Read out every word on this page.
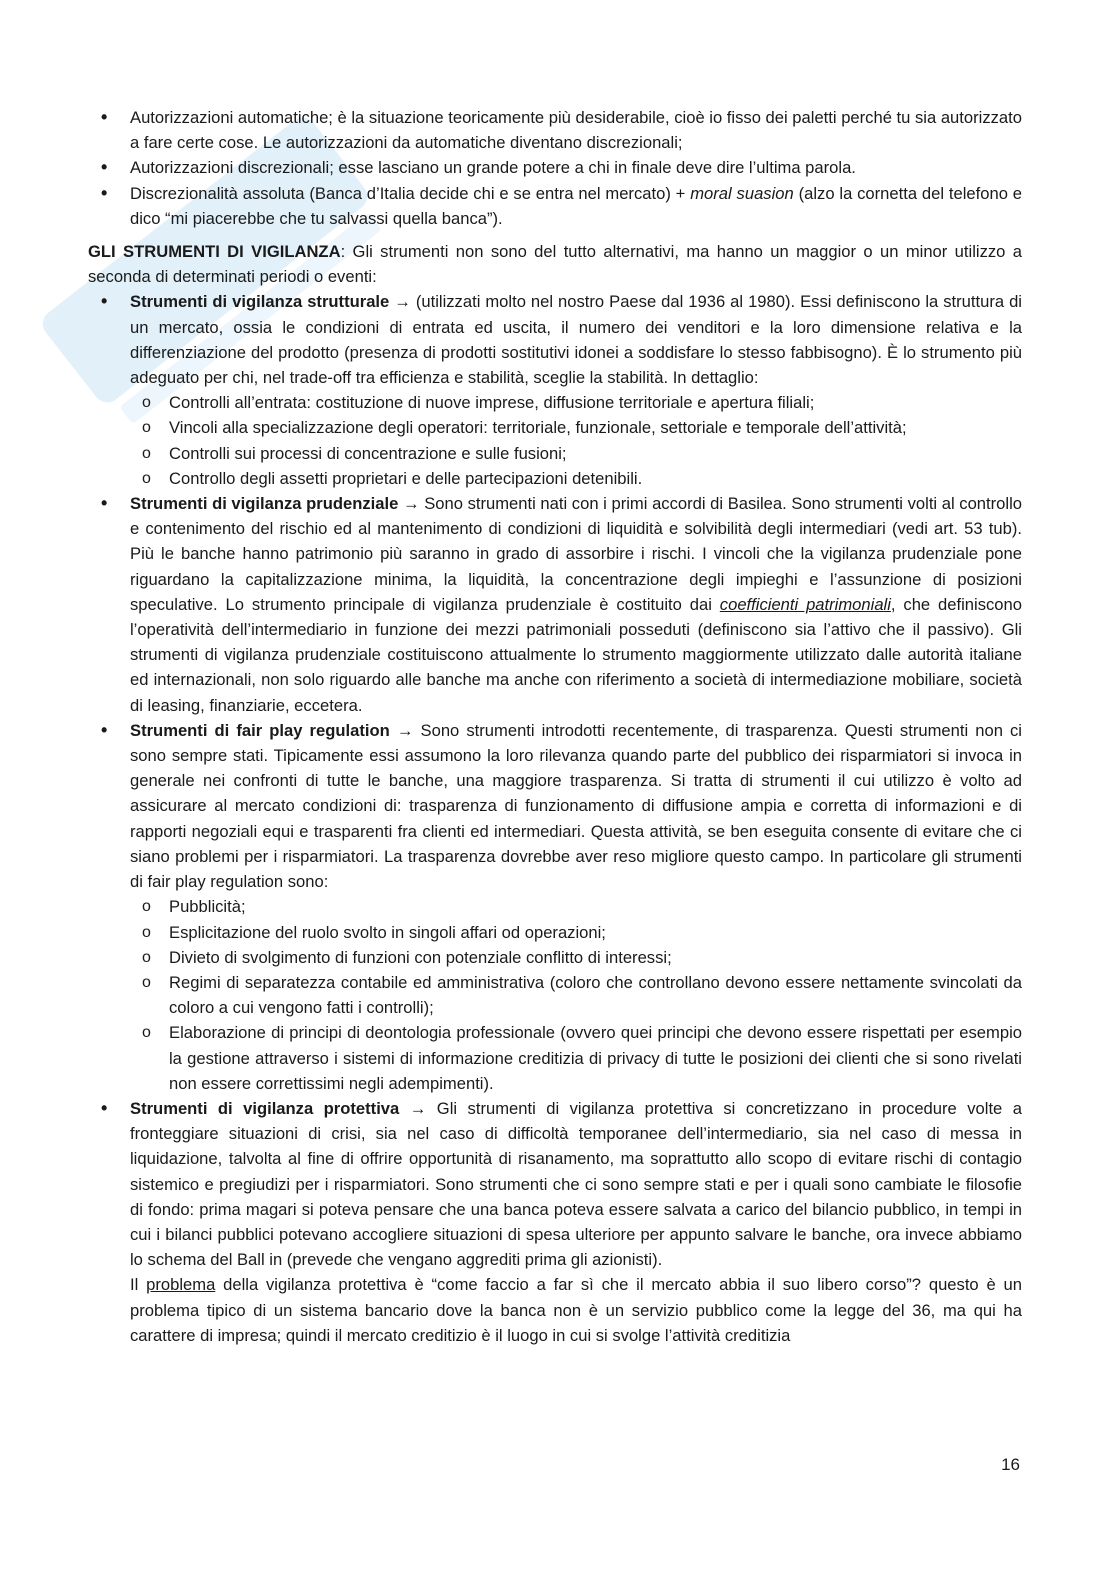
• Autorizzazioni automatiche; è la situazione teoricamente più desiderabile, cioè io fisso dei paletti perché tu sia autorizzato a fare certe cose. Le autorizzazioni da automatiche diventano discrezionali;
• Autorizzazioni discrezionali; esse lasciano un grande potere a chi in finale deve dire l’ultima parola.
• Discrezionalità assoluta (Banca d’Italia decide chi e se entra nel mercato) + moral suasion (alzo la cornetta del telefono e dico “mi piacerebbe che tu salvassi quella banca”).

GLI STRUMENTI DI VIGILANZA: Gli strumenti non sono del tutto alternativi, ma hanno un maggior o un minor utilizzo a seconda di determinati periodi o eventi:

• Strumenti di vigilanza strutturale → (utilizzati molto nel nostro Paese dal 1936 al 1980). Essi definiscono la struttura di un mercato, ossia le condizioni di entrata ed uscita, il numero dei venditori e la loro dimensione relativa e la differenziazione del prodotto (presenza di prodotti sostitutivi idonei a soddisfare lo stesso fabbisogno). È lo strumento più adeguato per chi, nel trade-off tra efficienza e stabilità, sceglie la stabilità. In dettaglio:
o Controlli all’entrata: costituzione di nuove imprese, diffusione territoriale e apertura filiali;
o Vincoli alla specializzazione degli operatori: territoriale, funzionale, settoriale e temporale dell’attività;
o Controlli sui processi di concentrazione e sulle fusioni;
o Controllo degli assetti proprietari e delle partecipazioni detenibili.
• Strumenti di vigilanza prudenziale → Sono strumenti nati con i primi accordi di Basilea. Sono strumenti volti al controllo e contenimento del rischio ed al mantenimento di condizioni di liquidità e solvibilità degli intermediari (vedi art. 53 tub). Più le banche hanno patrimonio più saranno in grado di assorbire i rischi. I vincoli che la vigilanza prudenziale pone riguardano la capitalizzazione minima, la liquidità, la concentrazione degli impieghi e l’assunzione di posizioni speculative. Lo strumento principale di vigilanza prudenziale è costituito dai coefficienti patrimoniali, che definiscono l’operatività dell’intermediario in funzione dei mezzi patrimoniali posseduti (definiscono sia l’attivo che il passivo). Gli strumenti di vigilanza prudenziale costituiscono attualmente lo strumento maggiormente utilizzato dalle autorità italiane ed internazionali, non solo riguardo alle banche ma anche con riferimento a società di intermediazione mobiliare, società di leasing, finanziarie, eccetera.
• Strumenti di fair play regulation → Sono strumenti introdotti recentemente, di trasparenza. Questi strumenti non ci sono sempre stati. Tipicamente essi assumono la loro rilevanza quando parte del pubblico dei risparmiatori si invoca in generale nei confronti di tutte le banche, una maggiore trasparenza. Si tratta di strumenti il cui utilizzo è volto ad assicurare al mercato condizioni di: trasparenza di funzionamento di diffusione ampia e corretta di informazioni e di rapporti negoziali equi e trasparenti fra clienti ed intermediari. Questa attività, se ben eseguita consente di evitare che ci siano problemi per i risparmiatori. La trasparenza dovrebbe aver reso migliore questo campo. In particolare gli strumenti di fair play regulation sono:
o Pubblicità;
o Esplicitazione del ruolo svolto in singoli affari od operazioni;
o Divieto di svolgimento di funzioni con potenziale conflitto di interessi;
o Regimi di separatezza contabile ed amministrativa (coloro che controllano devono essere nettamente svincolati da coloro a cui vengono fatti i controlli);
o Elaborazione di principi di deontologia professionale (ovvero quei principi che devono essere rispettati per esempio la gestione attraverso i sistemi di informazione creditizia di privacy di tutte le posizioni dei clienti che si sono rivelati non essere correttissimi negli adempimenti).
• Strumenti di vigilanza protettiva → Gli strumenti di vigilanza protettiva si concretizzano in procedure volte a fronteggiare situazioni di crisi, sia nel caso di difficoltà temporanee dell’intermediario, sia nel caso di messa in liquidazione, talvolta al fine di offrire opportunità di risanamento, ma soprattutto allo scopo di evitare rischi di contagio sistemico e pregiudizi per i risparmiatori. Sono strumenti che ci sono sempre stati e per i quali sono cambiate le filosofie di fondo: prima magari si poteva pensare che una banca poteva essere salvata a carico del bilancio pubblico, in tempi in cui i bilanci pubblici potevano accogliere situazioni di spesa ulteriore per appunto salvare le banche, ora invece abbiamo lo schema del Ball in (prevede che vengano aggrediti prima gli azionisti).

Il problema della vigilanza protettiva è “come faccio a far sì che il mercato abbia il suo libero corso”? questo è un problema tipico di un sistema bancario dove la banca non è un servizio pubblico come la legge del 36, ma qui ha carattere di impresa; quindi il mercato creditizio è il luogo in cui si svolge l’attività creditizia

16
